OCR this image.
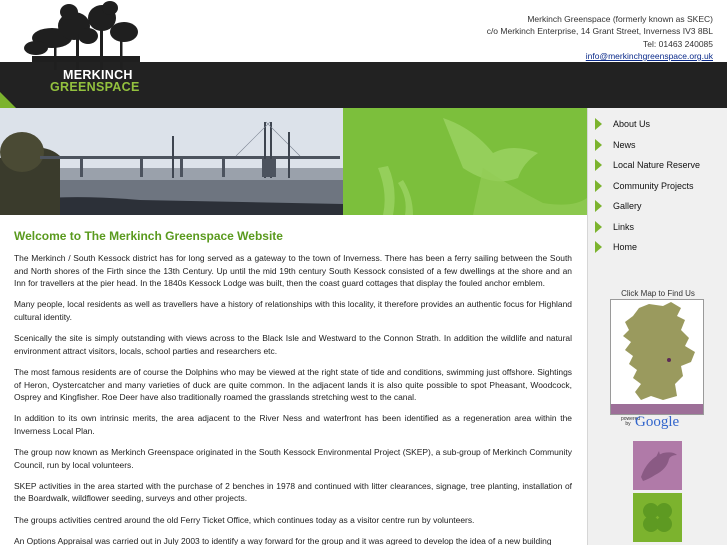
Merkinch Greenspace (formerly known as SKEC)
c/o Merkinch Enterprise, 14 Grant Street, Inverness IV3 8BL
Tel: 01463 240085
info@merkinchgreenspace.org.uk
MERKINCH
GREENSPACE
About Us
News
Local Nature Reserve
Community Projects
Gallery
Links
Home
Click Map to Find Us
powered by Google
Welcome to The Merkinch Greenspace Website

The Merkinch / South Kessock district has for long served as a gateway to the town of Inverness. There has been a ferry sailing between the South and North shores of the Firth since the 13th Century. Up until the mid 19th century South Kessock consisted of a few dwellings at the shore and an Inn for travellers at the pier head. In the 1840s Kessock Lodge was built, then the coast guard cottages that display the fouled anchor emblem.

Many people, local residents as well as travellers have a history of relationships with this locality, it therefore provides an authentic focus for Highland cultural identity.

Scenically the site is simply outstanding with views across to the Black Isle and Westward to the Connon Strath. In addition the wildlife and natural environment attract visitors, locals, school parties and researchers etc.

The most famous residents are of course the Dolphins who may be viewed at the right state of tide and conditions, swimming just offshore. Sightings of Heron, Oystercatcher and many varieties of duck are quite common. In the adjacent lands it is also quite possible to spot Pheasant, Woodcock, Osprey and Kingfisher. Roe Deer have also traditionally roamed the grasslands stretching west to the canal.

In addition to its own intrinsic merits, the area adjacent to the River Ness and waterfront has been identified as a regeneration area within the Inverness Local Plan.

The group now known as Merkinch Greenspace originated in the South Kessock Environmental Project (SKEP), a sub-group of Merkinch Community Council, run by local volunteers.

SKEP activities in the area started with the purchase of 2 benches in 1978 and continued with litter clearances, signage, tree planting, installation of the Boardwalk, wildflower seeding, surveys and other projects.

The groups activities centred around the old Ferry Ticket Office, which continues today as a visitor centre run by volunteers.

An Options Appraisal was carried out in July 2003 to identify a way forward for the group and it was agreed to develop the idea of a new building
